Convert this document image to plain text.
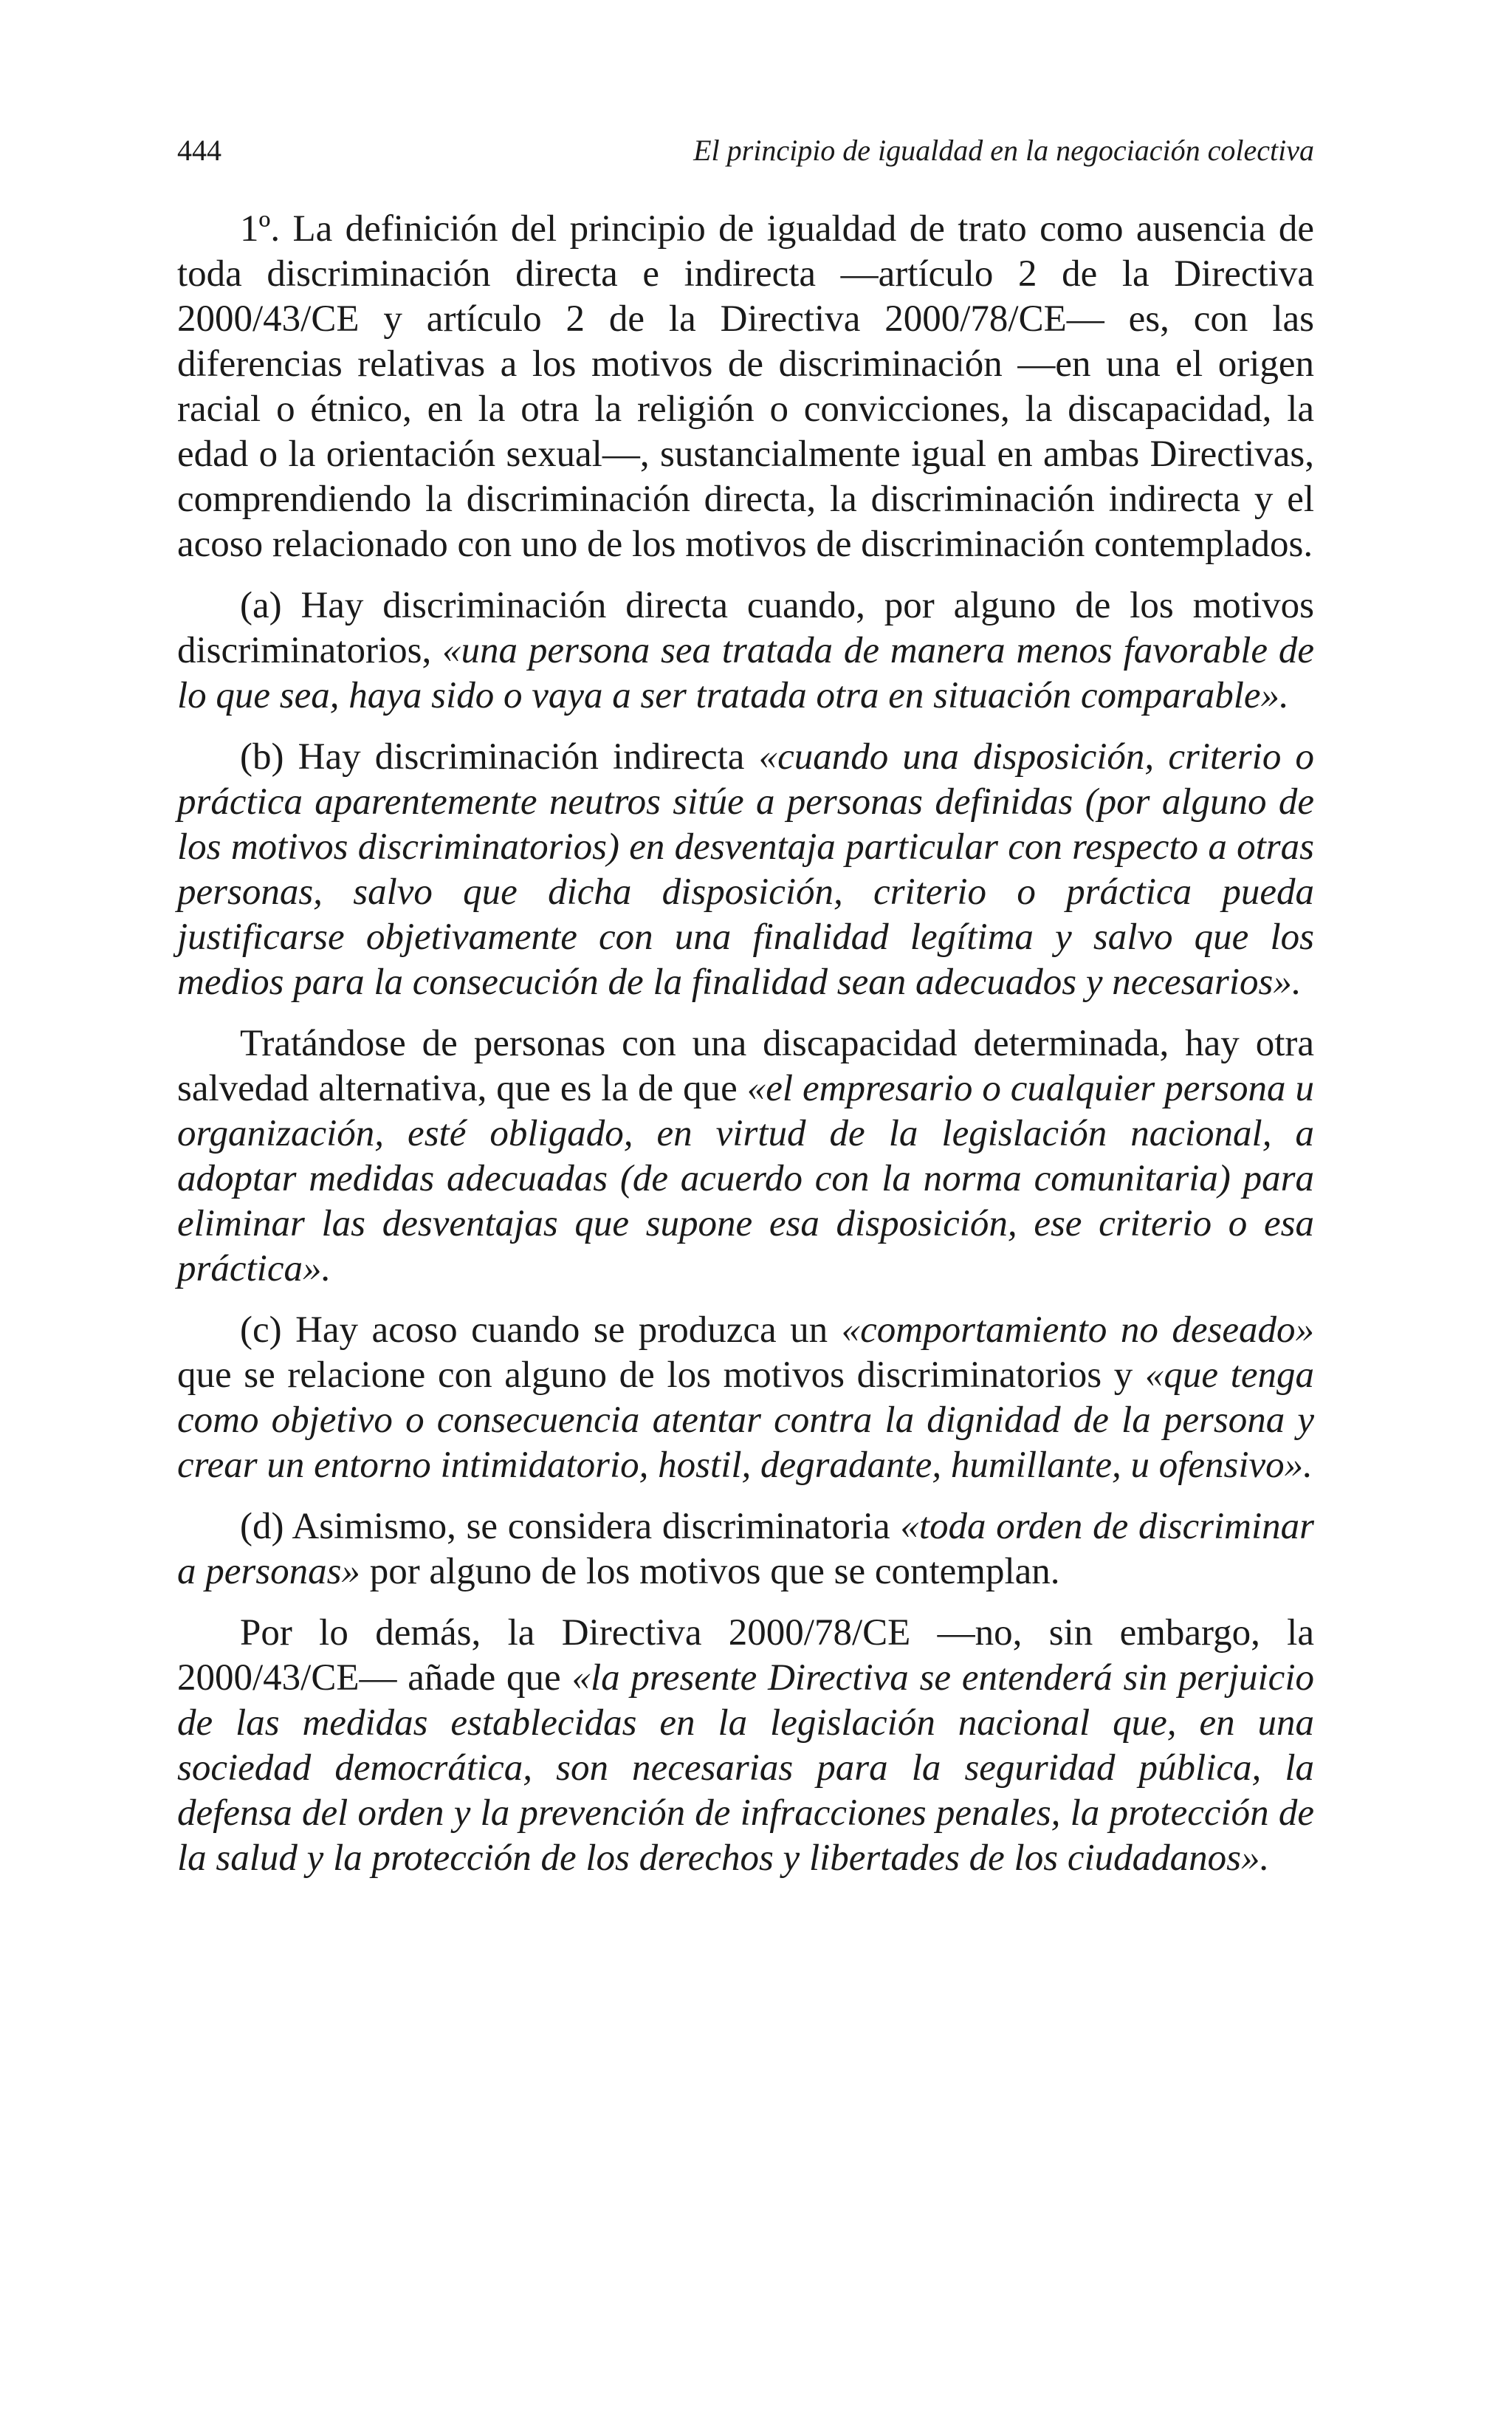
444	El principio de igualdad en la negociación colectiva

1º. La definición del principio de igualdad de trato como ausencia de toda discriminación directa e indirecta —artículo 2 de la Directiva 2000/43/CE y artículo 2 de la Directiva 2000/78/CE— es, con las diferencias relativas a los motivos de discriminación —en una el origen racial o étnico, en la otra la religión o convicciones, la discapacidad, la edad o la orientación sexual—, sustancialmente igual en ambas Directivas, comprendiendo la discriminación directa, la discriminación indirecta y el acoso relacionado con uno de los motivos de discriminación contemplados.

(a) Hay discriminación directa cuando, por alguno de los motivos discriminatorios, «una persona sea tratada de manera menos favorable de lo que sea, haya sido o vaya a ser tratada otra en situación comparable».

(b) Hay discriminación indirecta «cuando una disposición, criterio o práctica aparentemente neutros sitúe a personas definidas (por alguno de los motivos discriminatorios) en desventaja particular con respecto a otras personas, salvo que dicha disposición, criterio o práctica pueda justificarse objetivamente con una finalidad legítima y salvo que los medios para la consecución de la finalidad sean adecuados y necesarios».

Tratándose de personas con una discapacidad determinada, hay otra salvedad alternativa, que es la de que «el empresario o cualquier persona u organización, esté obligado, en virtud de la legislación nacional, a adoptar medidas adecuadas (de acuerdo con la norma comunitaria) para eliminar las desventajas que supone esa disposición, ese criterio o esa práctica».

(c) Hay acoso cuando se produzca un «comportamiento no deseado» que se relacione con alguno de los motivos discriminatorios y «que tenga como objetivo o consecuencia atentar contra la dignidad de la persona y crear un entorno intimidatorio, hostil, degradante, humillante, u ofensivo».

(d) Asimismo, se considera discriminatoria «toda orden de discriminar a personas» por alguno de los motivos que se contemplan.

Por lo demás, la Directiva 2000/78/CE —no, sin embargo, la 2000/43/CE— añade que «la presente Directiva se entenderá sin perjuicio de las medidas establecidas en la legislación nacional que, en una sociedad democrática, son necesarias para la seguridad pública, la defensa del orden y la prevención de infracciones penales, la protección de la salud y la protección de los derechos y libertades de los ciudadanos».
